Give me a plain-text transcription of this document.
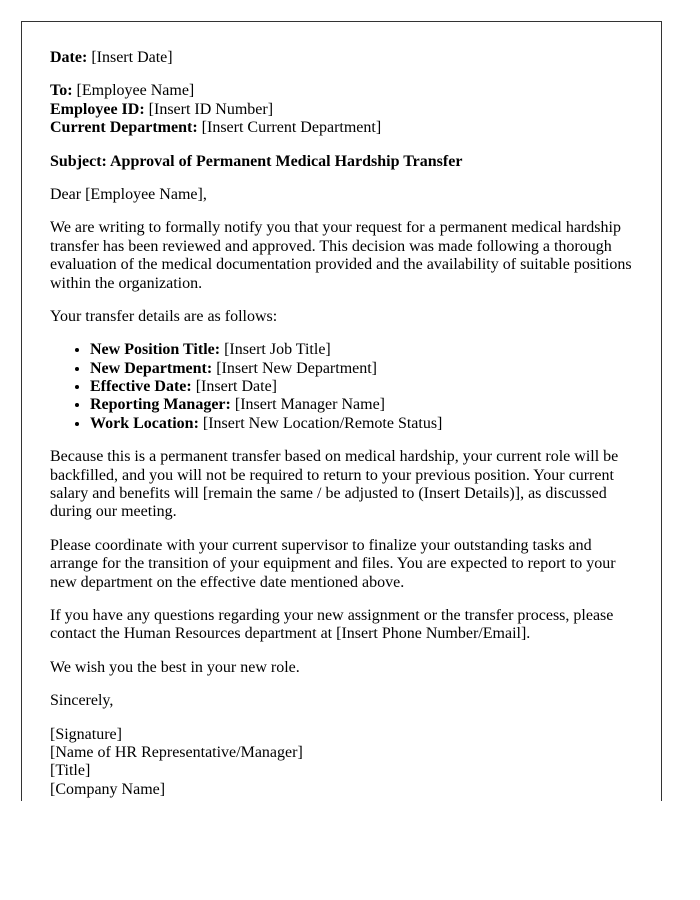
Date: [Insert Date]

To: [Employee Name]
Employee ID: [Insert ID Number]
Current Department: [Insert Current Department]

Subject: Approval of Permanent Medical Hardship Transfer

Dear [Employee Name],

We are writing to formally notify you that your request for a permanent medical hardship transfer has been reviewed and approved. This decision was made following a thorough evaluation of the medical documentation provided and the availability of suitable positions within the organization.

Your transfer details are as follows:

• New Position Title: [Insert Job Title]
• New Department: [Insert New Department]
• Effective Date: [Insert Date]
• Reporting Manager: [Insert Manager Name]
• Work Location: [Insert New Location/Remote Status]

Because this is a permanent transfer based on medical hardship, your current role will be backfilled, and you will not be required to return to your previous position. Your current salary and benefits will [remain the same / be adjusted to (Insert Details)], as discussed during our meeting.

Please coordinate with your current supervisor to finalize your outstanding tasks and arrange for the transition of your equipment and files. You are expected to report to your new department on the effective date mentioned above.

If you have any questions regarding your new assignment or the transfer process, please contact the Human Resources department at [Insert Phone Number/Email].

We wish you the best in your new role.

Sincerely,

[Signature]
[Name of HR Representative/Manager]
[Title]
[Company Name]
